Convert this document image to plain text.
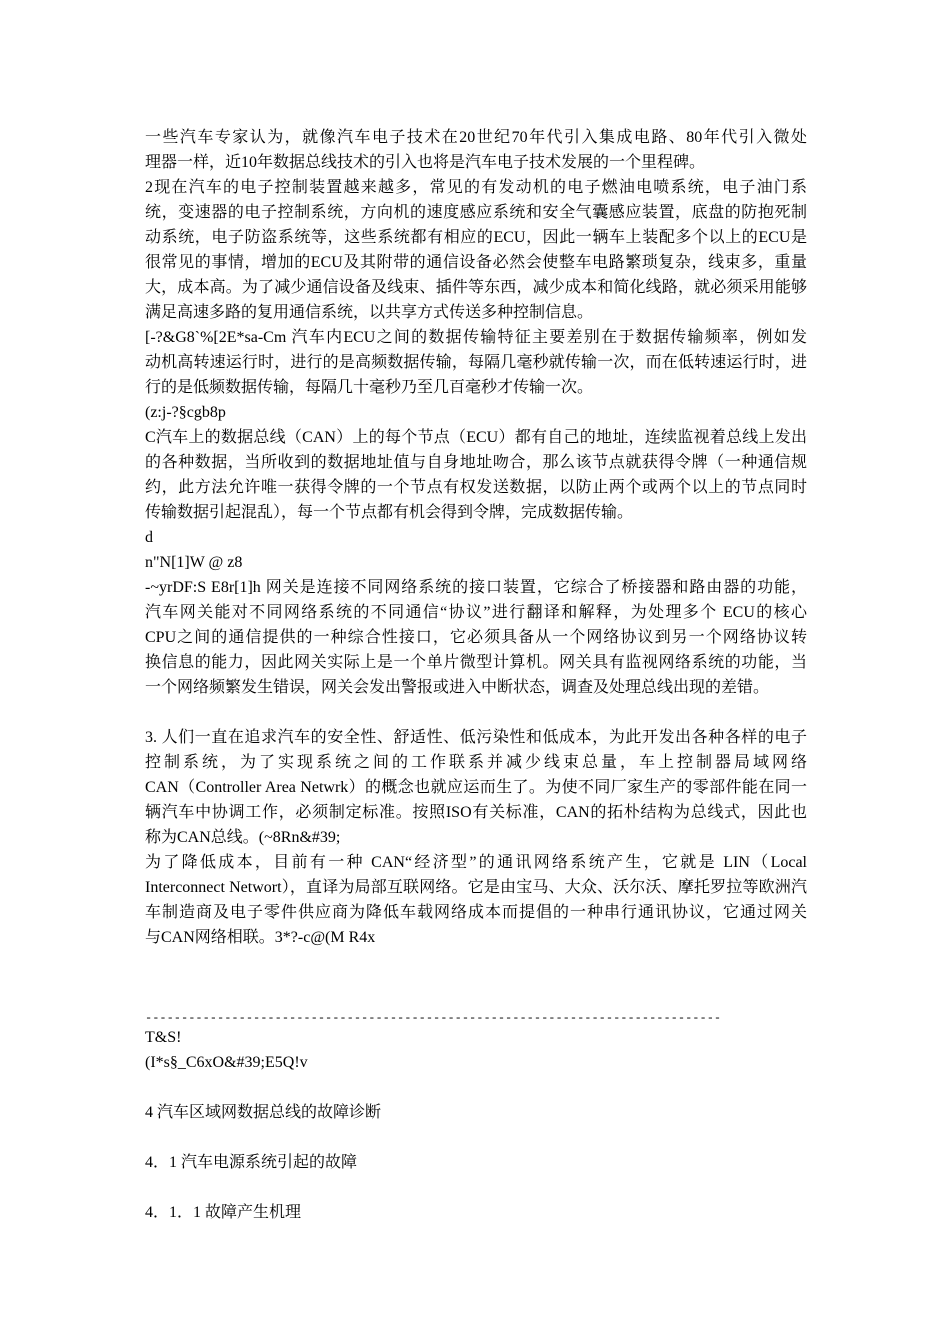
一些汽车专家认为，就像汽车电子技术在20世纪70年代引入集成电路、80年代引入微处
理器一样，近10年数据总线技术的引入也将是汽车电子技术发展的一个里程碑。
2现在汽车的电子控制装置越来越多，常见的有发动机的电子燃油电喷系统，电子油门系
统，变速器的电子控制系统，方向机的速度感应系统和安全气囊感应装置，底盘的防抱死制
动系统，电子防盗系统等，这些系统都有相应的ECU，因此一辆车上装配多个以上的ECU是
很常见的事情，增加的ECU及其附带的通信设备必然会使整车电路繁琐复杂，线束多，重量
大，成本高。为了减少通信设备及线束、插件等东西，减少成本和简化线路，就必须采用能够
满足高速多路的复用通信系统，以共享方式传送多种控制信息。
[-?&G8`%[2E*sa-Cm 汽车内ECU之间的数据传输特征主要差别在于数据传输频率，例如发
动机高转速运行时，进行的是高频数据传输，每隔几毫秒就传输一次，而在低转速运行时，进
行的是低频数据传输，每隔几十毫秒乃至几百毫秒才传输一次。
(z:j-?§cgb8p
C汽车上的数据总线（CAN）上的每个节点（ECU）都有自己的地址，连续监视着总线上发出
的各种数据，当所收到的数据地址值与自身地址吻合，那么该节点就获得令牌（一种通信规
约，此方法允许唯一获得令牌的一个节点有权发送数据，以防止两个或两个以上的节点同时
传输数据引起混乱），每一个节点都有机会得到令牌，完成数据传输。
d
n"N[1]W @ z8
-~yrDF:S E8r[1]h 网关是连接不同网络系统的接口装置，它综合了桥接器和路由器的功能，
汽车网关能对不同网络系统的不同通信“协议”进行翻译和解释，为处理多个 ECU的核心
CPU之间的通信提供的一种综合性接口，它必须具备从一个网络协议到另一个网络协议转
换信息的能力，因此网关实际上是一个单片微型计算机。网关具有监视网络系统的功能，当
一个网络频繁发生错误，网关会发出警报或进入中断状态，调查及处理总线出现的差错。
3. 人们一直在追求汽车的安全性、舒适性、低污染性和低成本，为此开发出各种各样的电子
控制系统，为了实现系统之间的工作联系并减少线束总量，车上控制器局域网络
CAN（Controller Area Netwrk）的概念也就应运而生了。为使不同厂家生产的零部件能在同一
辆汽车中协调工作，必须制定标准。按照ISO有关标准，CAN的拓朴结构为总线式，因此也
称为CAN总线。(~8Rn&#39;
为了降低成本，目前有一种 CAN“经济型”的通讯网络系统产生，它就是 LIN（Local
Interconnect Networt），直译为局部互联网络。它是由宝马、大众、沃尔沃、摩托罗拉等欧洲汽
车制造商及电子零件供应商为降低车载网络成本而提倡的一种串行通讯协议，它通过网关
与CAN网络相联。3*?-c@(M R4x
--------------------------------------------------------------------------------
T&S!
(I*s§_C6xO&#39;E5Q!v
4 汽车区域网数据总线的故障诊断
4．1 汽车电源系统引起的故障
4．1．1 故障产生机理
